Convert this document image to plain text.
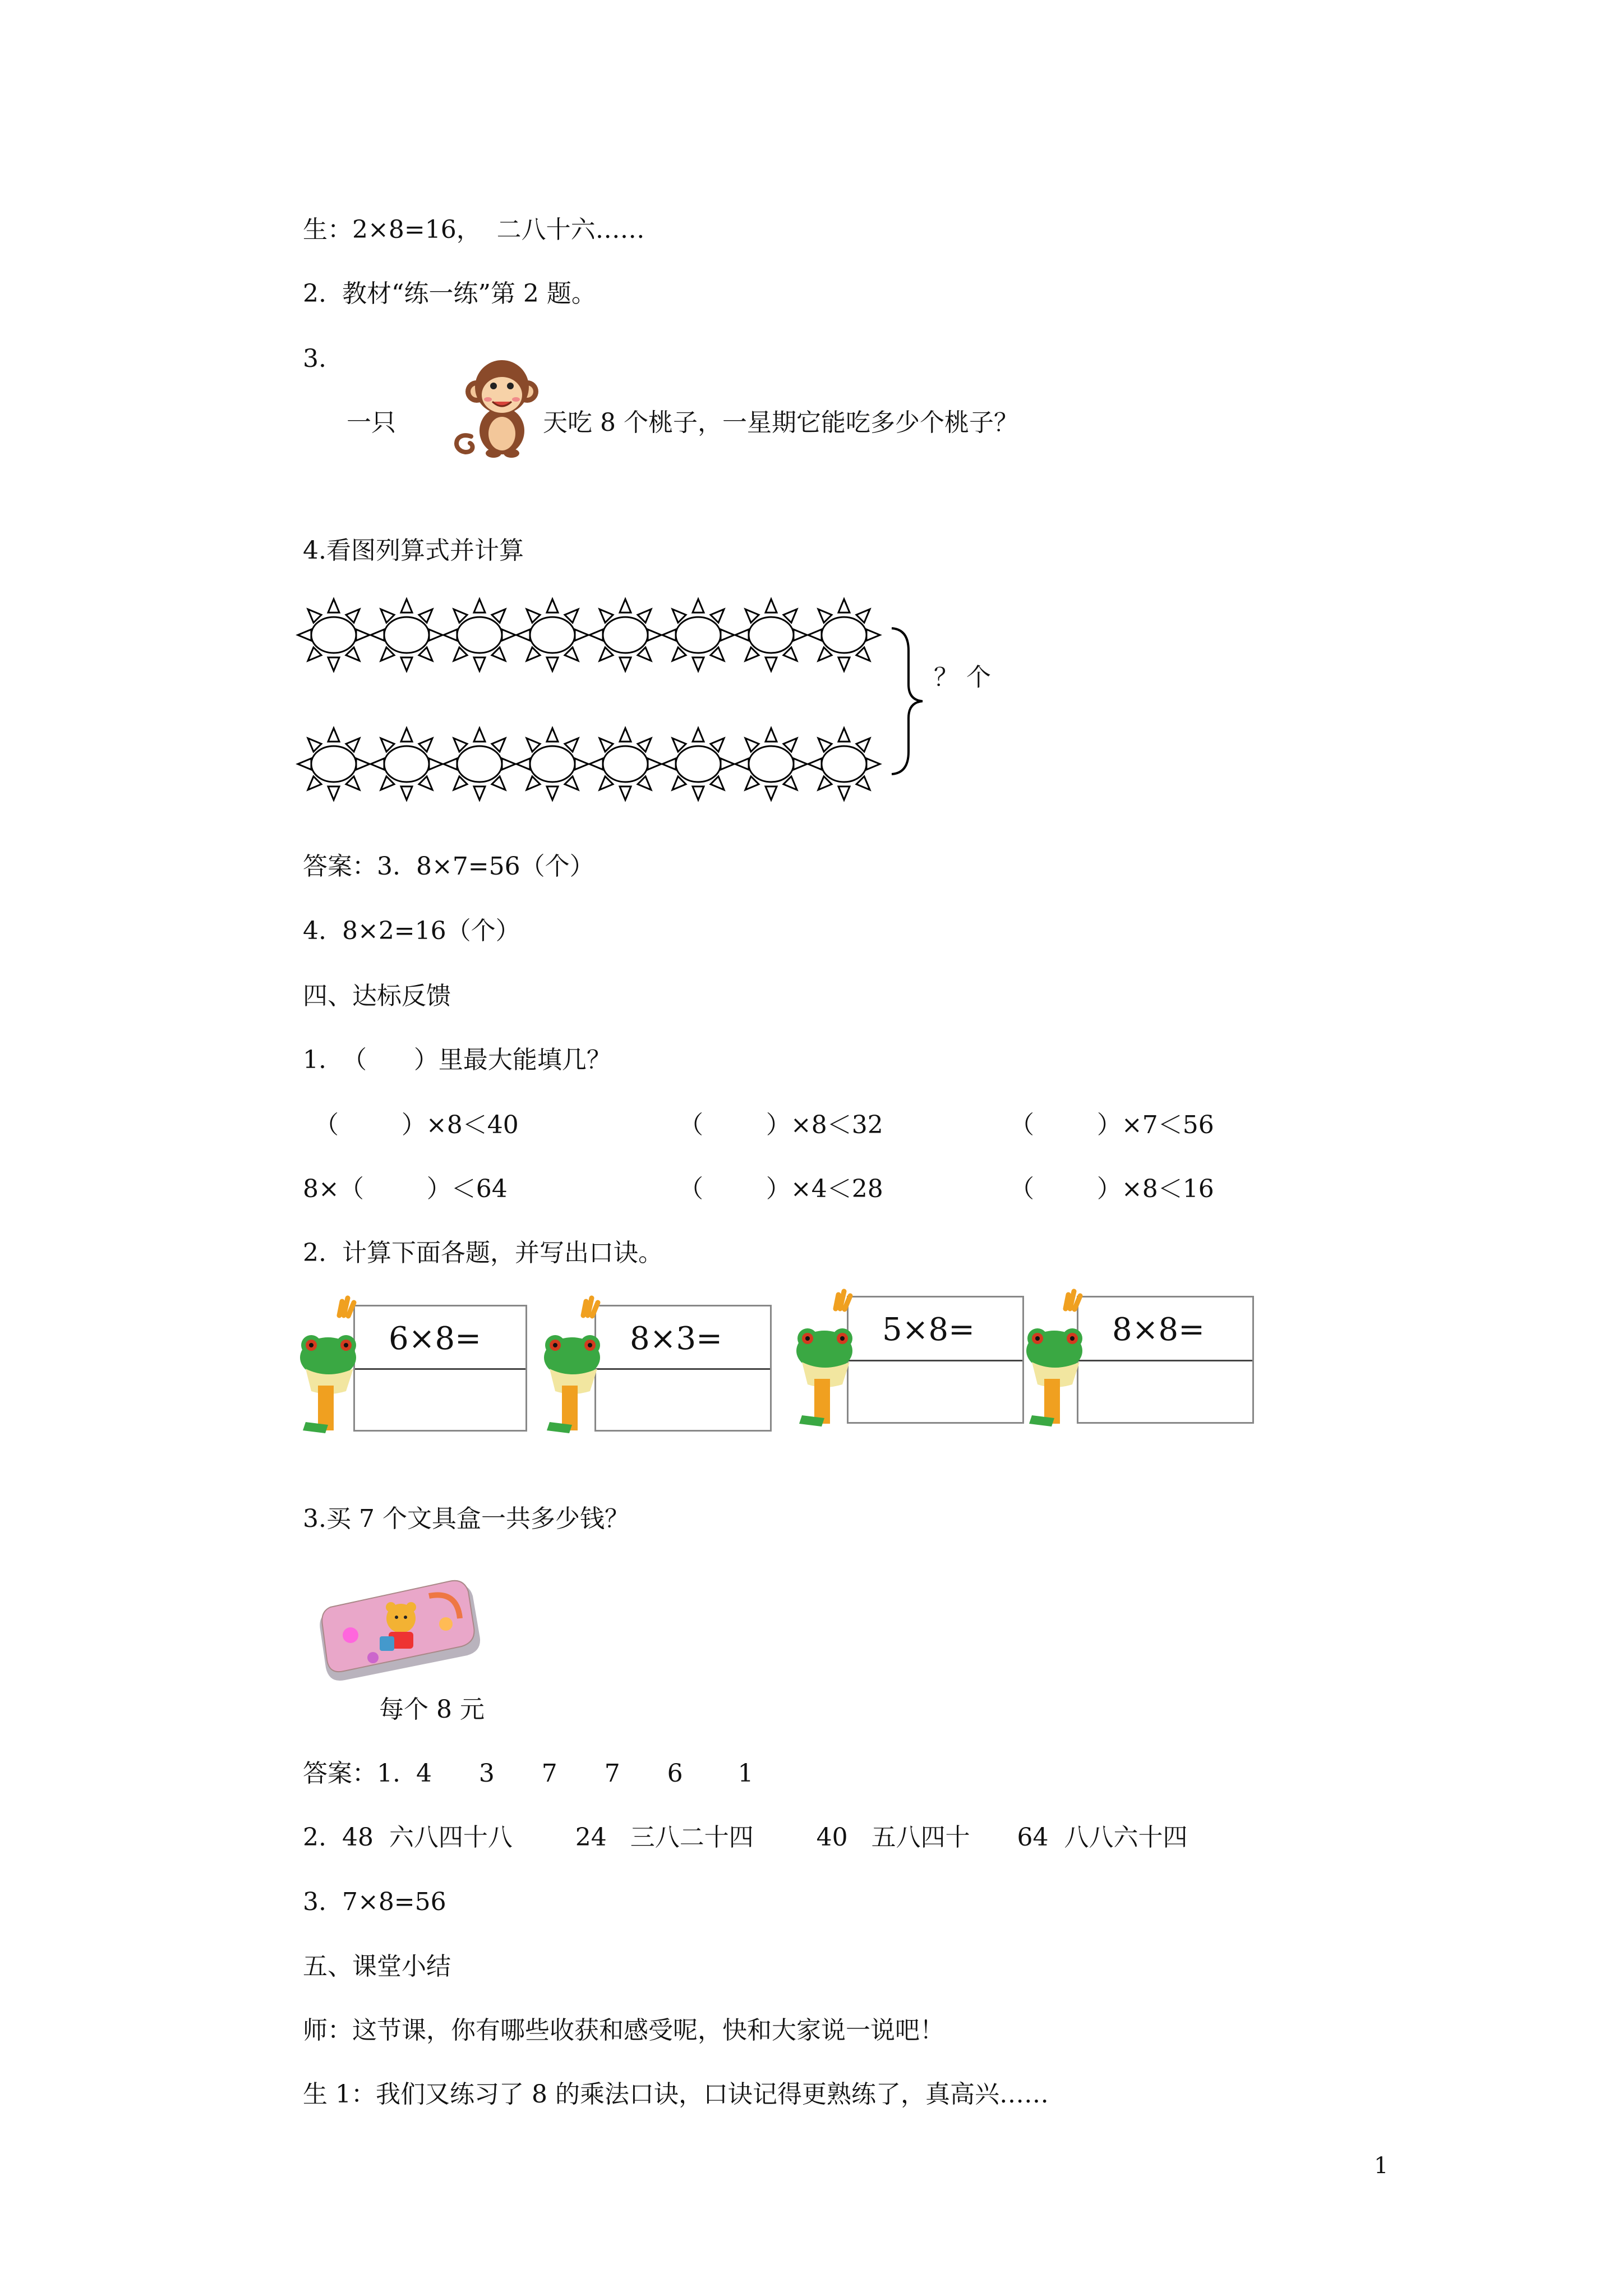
生：2×8=16，  二八十六……
2.  教材“练一练”第 2 题。
3.
一只	天吃 8 个桃子，一星期它能吃多少个桃子？
4.看图列算式并计算
？ 个
答案：3.  8×7=56（个）
4.  8×2=16（个）
四、达标反馈
1.  （      ）里最大能填几？
（        ）×8＜40	（        ）×8＜32	（        ）×7＜56
8×（        ）＜64	（        ）×4＜28	（        ）×8＜16
2.  计算下面各题，并写出口诀。
6×8=	8×3=	5×8=	8×8=
3.买 7 个文具盒一共多少钱？
每个 8 元
答案：1.  4      3      7      7      6       1
2.  48  六八四十八        24   三八二十四        40   五八四十      64  八八六十四
3.  7×8=56
五、课堂小结
师：这节课，你有哪些收获和感受呢，快和大家说一说吧！
生 1：我们又练习了 8 的乘法口诀，口诀记得更熟练了，真高兴……
1
